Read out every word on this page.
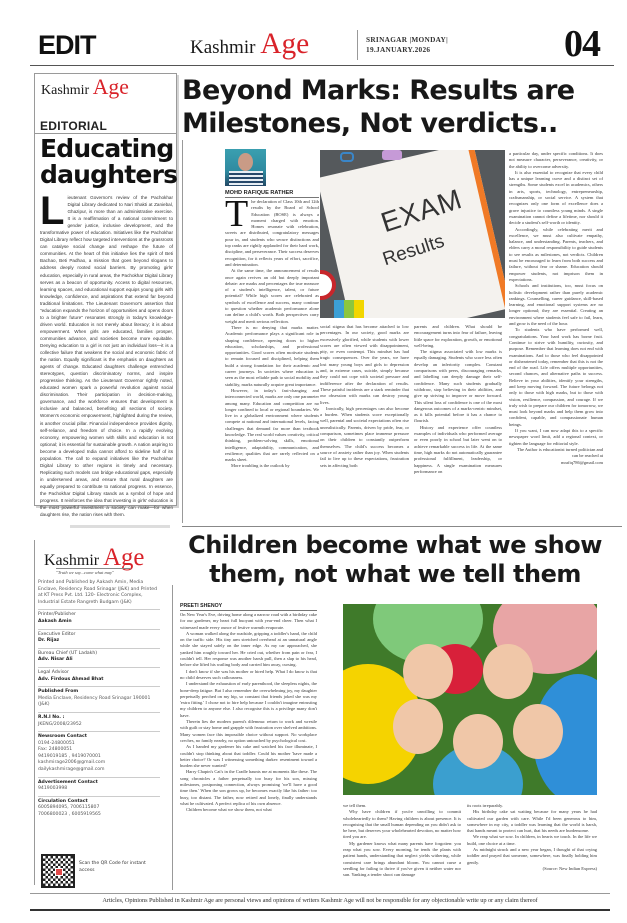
EDIT	Kashmir Age	SRINAGAR |MONDAY|
19.JANUARY.2026	04
Kashmir Age
EDITORIAL
Educating daughters
Lieutenant Governor's review of the Pachokhar Digital Library dedicated to Nari Shakti at Zaniebal, Ghazipur, is more than an administrative exercise. It is a reaffirmation of a national commitment to gender justice, inclusive development, and the transformative power of education. Initiatives like the Pachokhar Digital Library reflect how targeted interventions at the grassroots can catalyse social change and reshape the future of communities. At the heart of this initiative lies the spirit of Beti Bachao, Beti Padhao, a mission that goes beyond slogans to address deeply rooted social barriers. By promoting girls' education, especially in rural areas, the Pachokhar Digital Library serves as a beacon of opportunity. Access to digital resources, learning spaces, and educational support equips young girls with knowledge, confidence, and aspirations that extend far beyond traditional limitations. The Lieutenant Governor's assertion that "education expands the horizon of opportunities and opens doors to a brighter future" resonates strongly in today's knowledge-driven world. Education is not merely about literacy; it is about empowerment. When girls are educated, families prosper, communities advance, and societies become more equitable. Denying education to a girl is not just an individual loss—it is a collective failure that weakens the social and economic fabric of the nation. Equally significant is the emphasis on daughters as agents of change. Educated daughters challenge entrenched stereotypes, question discriminatory norms, and inspire progressive thinking. As the Lieutenant Governor rightly noted, educated women spark a powerful revolution against social discrimination. Their participation in decision-making, governance, and the workforce ensures that development is inclusive and balanced, benefiting all sections of society. Women's economic empowerment, highlighted during the review, is another crucial pillar. Financial independence provides dignity, self-reliance, and freedom of choice. In a rapidly evolving economy, empowering women with skills and education is not optional; it is essential for sustainable growth. A nation aspiring to become a developed India cannot afford to sideline half of its population. The call to expand initiatives like the Pachokhar Digital Library to other regions is timely and necessary. Replicating such models can bridge educational gaps, especially in underserved areas, and ensure that rural daughters are equally prepared to contribute to national progress. In essence, the Pachokhar Digital Library stands as a symbol of hope and progress. It reinforces the idea that investing in girls' education is the most powerful investment a society can make—for when daughters rise, the nation rises with them.
Beyond Marks: Results are Milestones, Not verdicts..
MOHD RAFIQUE RATHER

The declaration of Class 10th and 12th results by the Board of School Education (BOSE) is always a moment charged with emotion. Homes resonate with celebration, sweets are distributed, congratulatory messages pour in, and students who secure distinctions and top ranks are rightly applauded for their hard work, discipline, and perseverance. Their success deserves recognition, for it reflects years of effort, sacrifice, and determination.

At the same time, the announcement of results once again revives an old but deeply important debate: are marks and percentages the true measure of a student's intelligence, talent, or future potential? While high scores are celebrated as symbols of excellence and success, many continue to question whether academic performance alone can define a child's worth. Both perspectives carry weight and merit serious reflection.

There is no denying that marks matter. Academic performance plays a significant role in shaping confidence, opening doors to higher education, scholarships, and professional opportunities. Good scores often motivate students to remain focused and disciplined, helping them build a strong foundation for their academic and career journeys. In societies where education is seen as the most reliable path to social mobility and stability, marks naturally acquire great importance.

However, in today's fast-changing and interconnected world, marks are only one parameter among many. Education and competition are no longer confined to local or regional boundaries. We live in a globalized environment where students compete at national and international levels, facing challenges that demand far more than textbook knowledge. The real world values creativity, critical thinking, problem-solving skills, emotional intelligence, adaptability, communication, and resilience; qualities that are rarely reflected on a marks sheet.

More troubling is the outlook by

EXAM
Results

social stigma that has become attached to low percentages. In our society, good marks are excessively glorified, while students with lower scores are often viewed with disappointment, pity, or even contempt. This mindset has had tragic consequences. Over the years, we have lost many young boys and girls to depression and, in extreme cases, suicide, simply because they could not cope with societal pressure and indifference after the declaration of results. These painful incidents are a stark reminder that our obsession with marks can destroy young lives.

Ironically, high percentages can also become a burden. When students score exceptionally well, parental and societal expectations often rise unrealistically. Parents, driven by pride, fear, or comparison, sometimes place immense pressure on their children to constantly outperform themselves. The child's success becomes a source of anxiety rather than joy. When students fail to live up to these expectations, frustration sets in affecting both

parents and children. What should be encouragement turns into fear of failure, leaving little space for exploration, growth, or emotional well-being.

The stigma associated with low marks is equally damaging. Students who score less often develop an inferiority complex. Constant comparisons with peers, discouraging remarks, and labelling can deeply damage their self-confidence. Many such students gradually withdraw, stop believing in their abilities, and give up striving to improve or move forward. This silent loss of confidence is one of the most dangerous outcomes of a marks-centric mindset, as it kills potential before it has a chance to flourish.

History and experience offer countless examples of individuals who performed average or even poorly in school but later went on to achieve remarkable success in life. At the same time, high marks do not automatically guarantee professional fulfillment, leadership, or happiness. A single examination measures performance on

a particular day, under specific conditions. It does not measure character, perseverance, creativity, or the ability to overcome adversity.

It is also essential to recognize that every child has a unique learning curve and a distinct set of strengths. Some students excel in academics, others in arts, sports, technology, entrepreneurship, craftsmanship, or social service. A system that recognizes only one form of excellence does a grave injustice to countless young minds. A single examination cannot define a lifetime, nor should it decide a student's self-worth or identity.

Accordingly, while celebrating merit and excellence, we must also cultivate empathy, balance, and understanding. Parents, teachers, and elders carry a moral responsibility to guide students to see results as milestones, not verdicts. Children must be encouraged to learn from both success and failure, without fear or shame. Education should empower students, not imprison them in expectations.

Schools and institutions, too, must focus on holistic development rather than purely academic rankings. Counselling, career guidance, skill-based learning, and emotional support systems are no longer optional; they are essential. Creating an environment where students feel safe to fail, learn, and grow is the need of the hour.

To students who have performed well, congratulations. Your hard work has borne fruit. Continue to strive with humility, curiosity, and purpose. Remember that learning does not end with examinations. And to those who feel disappointed or disheartened today, remember that this is not the end of the road. Life offers multiple opportunities, second chances, and alternative paths to success. Believe in your abilities, identify your strengths, and keep moving forward. The future belongs not only to those with high marks, but to those with vision, resilience, compassion, and courage. If we truly wish to prepare our children for tomorrow, we must look beyond marks and help them grow into confident, capable, and compassionate human beings.

If you want, I can now adapt this to a specific newspaper word limit, add a regional context, or tighten the language for editorial style.

The Author is educationist turned politician and can be reached at

mrafiq786@gmail.com

Kashmir Age
"Truth we say...come what may"
Printed and Published by Aakash Amin, Media Enclave, Residency Road Srinagar (J&K) and Printed at KT Press Pvt. Ltd. 120- Electronic Complex, Industrial Estate Rangreth Budgam (J&K)
Printer/Publisher
Aakash Amin
Executive Editor
Dr. Rijaz
Bureau Chief (UT Ladakh)
Adv. Nisar Ali
Legal Advisor
Adv. Firdous Ahmad Bhat
Published From
Media Enclave, Residency Road Srinagar 190001 (J&K)
R.N.I No. :
JKENG/2008/23952
Newsroom Contact
0194-24800051
Fax: 24800051
9419019185 , 9419070001
kashmirage2006@gmail.com
dailykashmirage@gmail.com
Advertisement Contact
9419003998
Circulation Contact
6005894095, 7006115807
7006800023 , 6005919565
Scan the QR Code for instant access
Children become what we show them, not what we tell them
PREETI SHENOY

On New Year's Eve, driving home along a narrow road with a birthday cake for our gardener, my heart full buoyant with year-end cheer. Then what I witnessed made every ounce of festive warmth evaporate.

A woman walked along the roadside, gripping a toddler's hand, the child on the traffic side. His tiny arm stretched overhead at an unnatural angle while she stayed safely on the inner edge. As my car approached, she yanked him roughly toward her. He cried out, whether from pain or fear, I couldn't tell. Her response was another harsh pull, then a slap to his head, before she lifted his wailing body and carried him away, cursing.

I don't know if she was his mother or hired help. What I do know is that no child deserves such callousness.

I understand the exhaustion of early parenthood, the sleepless nights, the bone-deep fatigue. But I also remember the overwhelming joy, my daughter perpetually perched on my hip, so constant that friends joked she was my 'extra fitting.' I chose not to hire help because I couldn't imagine entrusting my children to anyone else. I also recognise this is a privilege many don't have.

Therein lies the modern parent's dilemma: return to work and wrestle with guilt or stay home and grapple with frustration over shelved ambitions. Many women face this impossible choice without support. No workplace creches, no family nearby, no option untouched by psychological cost.

As I handed my gardener his cake and watched his face illuminate, I couldn't stop thinking about that toddler. Could his mother 'have made a better choice? Or was I witnessing something darker: resentment toward a burden she never wanted?

Harry Chapin's Cat's in the Cradle haunts me at moments like these. The song chronicles a father perpetually too busy for his son, missing milestones, postponing connection, always promising 'we'll have a good time then.' When the son grows up, he becomes exactly like his father: too busy, too distant. The father, now retired and lonely, finally understands what he cultivated. A perfect replica of his own absence.

Children become what we show them, not what

we tell them.

Why have children if you're unwilling to commit wholeheartedly to them? Having children is about presence. It is recognising that the small human depending on you didn't ask to be here, but deserves your wholehearted devotion, no matter how tired you are.

My gardener knows what many parents have forgotten: you reap what you sow. Every morning, he tends the plants with patient hands, understanding that neglect yields withering, while consistent care brings abundant bloom. You cannot curse a seedling for failing to thrive if you've given it neither water nor sun. Yanking a tender shoot can damage

its roots irreparably.

His birthday cake sat waiting because for many years he had cultivated our garden with care. While I'd been generous to him, somewhere in my city, a toddler was learning that the world is harsh, that hands meant to protect can hurt, that his needs are burdensome.

We reap what we sow. In children, in hearts we touch. In the life we build, one choice at a time.

As midnight struck and a new year began, I thought of that crying toddler and prayed that someone, somewhere, was finally holding him gently.

(Source: New Indian Express)

Articles, Opinions Published in Kashmir Age are personal views and opinions of writers Kashmir Age will not be responsible for any objectionable write up or any claim thereof
